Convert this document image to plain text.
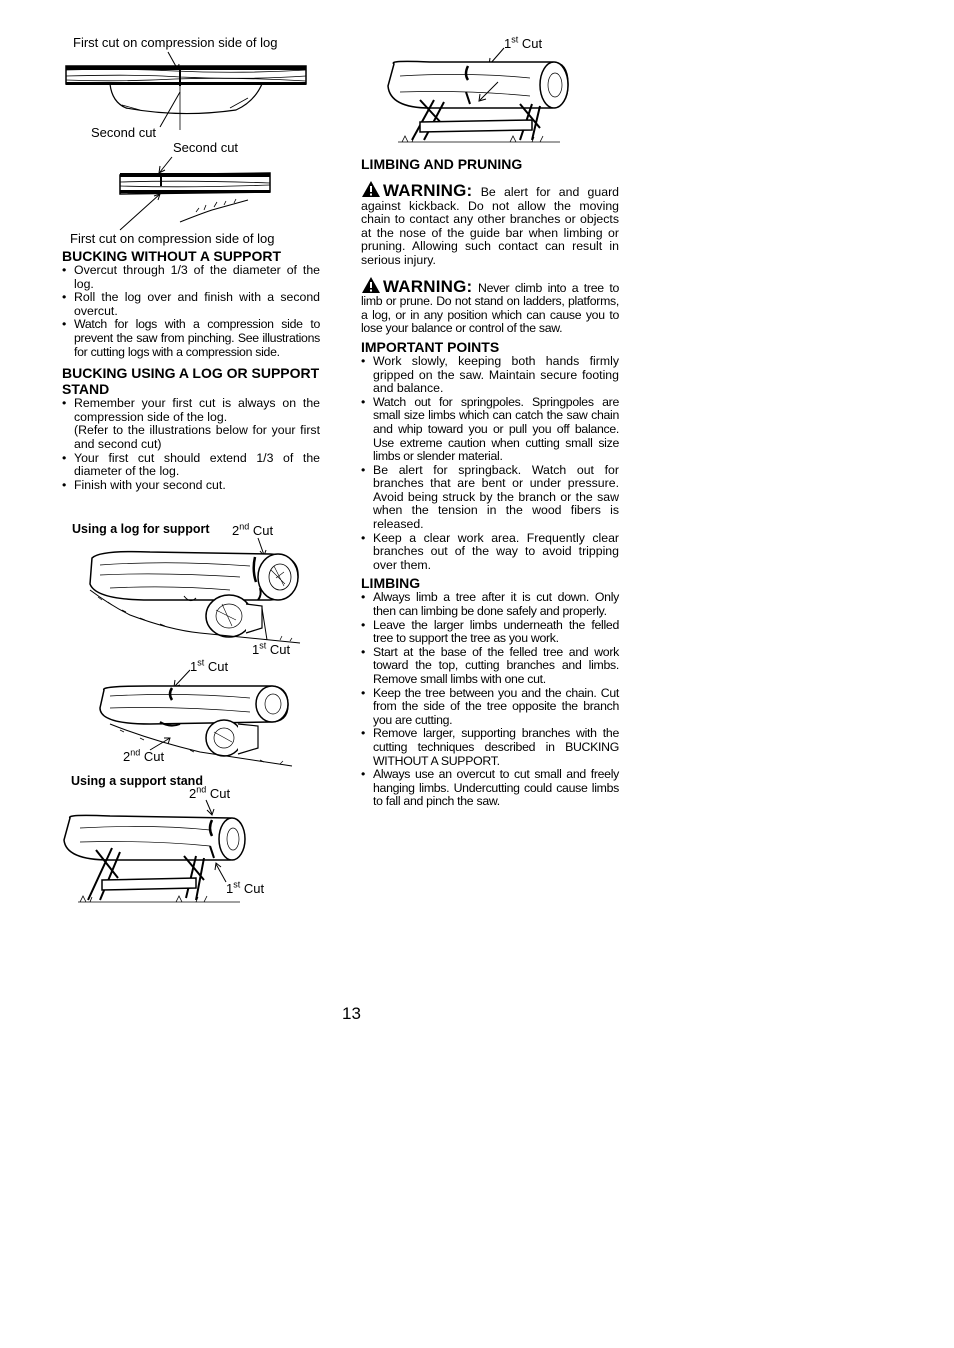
First cut on compression side of log
Second cut
Second cut
First cut on compression side of log

BUCKING WITHOUT A SUPPORT

• Overcut through 1/3 of the diameter of the log.
• Roll the log over and finish with a second overcut.
• Watch for logs with a compression side to prevent the saw from pinching. See illustrations for cutting logs with a compression side.

BUCKING USING A LOG OR SUPPORT STAND

• Remember your first cut is always on the compression side of the log.
(Refer to the illustrations below for your first and second cut)
• Your first cut should extend 1/3 of the diameter of the log.
• Finish with your second cut.
Using a log for support 2nd Cut
1st Cut
1st Cut
2nd Cut
Using a support stand
2nd Cut
1st Cut
1st Cut

LIMBING AND PRUNING

WARNING: Be alert for and guard against kickback. Do not allow the moving chain to contact any other branches or objects at the nose of the guide bar when limbing or pruning. Allowing such contact can result in serious injury.

WARNING: Never climb into a tree to limb or prune. Do not stand on ladders, platforms, a log, or in any position which can cause you to lose your balance or control of the saw.

IMPORTANT POINTS

• Work slowly, keeping both hands firmly gripped on the saw. Maintain secure footing and balance.
• Watch out for springpoles. Springpoles are small size limbs which can catch the saw chain and whip toward you or pull you off balance. Use extreme caution when cutting small size limbs or slender material.
• Be alert for springback. Watch out for branches that are bent or under pressure. Avoid being struck by the branch or the saw when the tension in the wood fibers is released.
• Keep a clear work area. Frequently clear branches out of the way to avoid tripping over them.

LIMBING

• Always limb a tree after it is cut down. Only then can limbing be done safely and properly.
• Leave the larger limbs underneath the felled tree to support the tree as you work.
• Start at the base of the felled tree and work toward the top, cutting branches and limbs. Remove small limbs with one cut.
• Keep the tree between you and the chain. Cut from the side of the tree opposite the branch you are cutting.
• Remove larger, supporting branches with the cutting techniques described in BUCKING WITHOUT A SUPPORT.
• Always use an overcut to cut small and freely hanging limbs. Undercutting could cause limbs to fall and pinch the saw.
13
